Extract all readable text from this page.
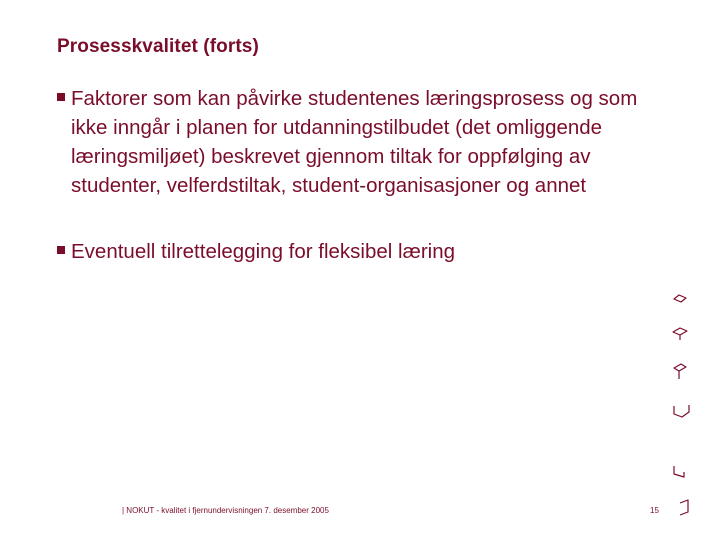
Prosesskvalitet (forts)
Faktorer som kan påvirke studentenes læringsprosess og som ikke inngår i planen for utdanningstilbudet (det omliggende læringsmiljøet) beskrevet gjennom tiltak for oppfølging av studenter, velferdstiltak, student-organisasjoner og annet
Eventuell tilrettelegging for fleksibel læring
| NOKUT - kvalitet i fjernundervisningen 7. desember 2005	15
